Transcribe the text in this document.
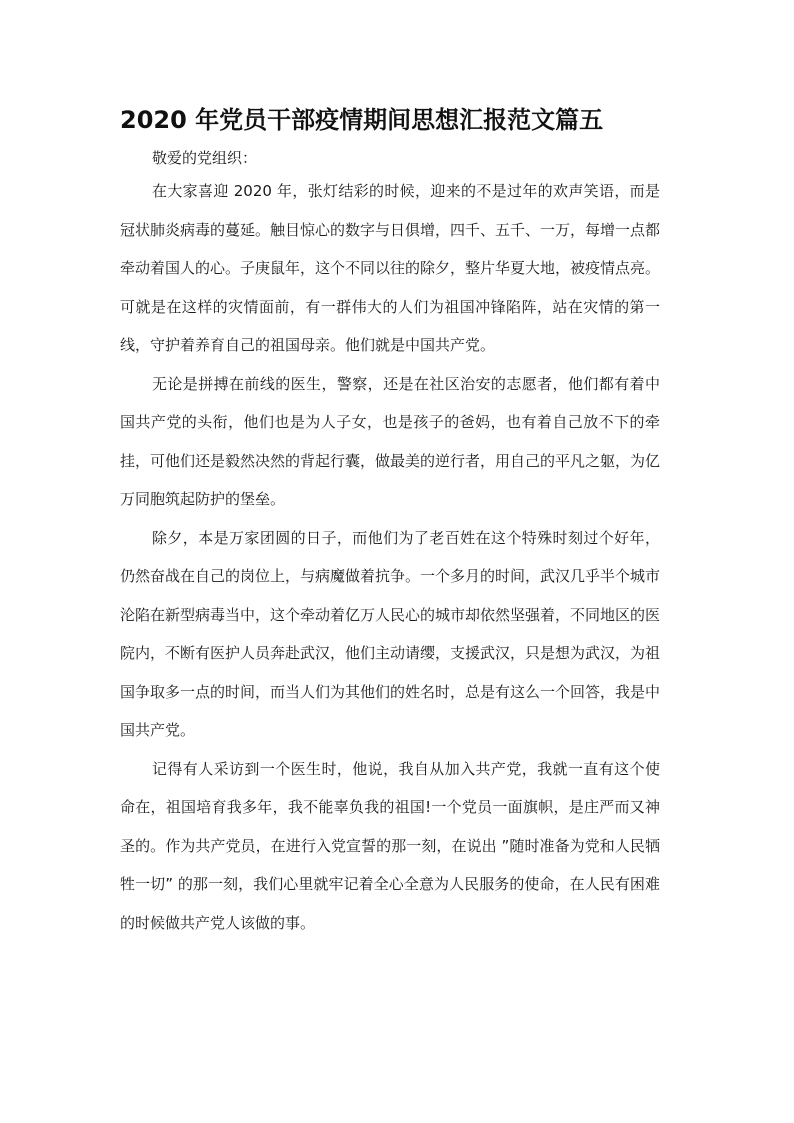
2020 年党员干部疫情期间思想汇报范文篇五

敬爱的党组织：

在大家喜迎 2020 年，张灯结彩的时候，迎来的不是过年的欢声笑语，而是冠状肺炎病毒的蔓延。触目惊心的数字与日俱增，四千、五千、一万，每增一点都牵动着国人的心。子庚鼠年，这个不同以往的除夕，整片华夏大地，被疫情点亮。可就是在这样的灾情面前，有一群伟大的人们为祖国冲锋陷阵，站在灾情的第一线，守护着养育自己的祖国母亲。他们就是中国共产党。

无论是拼搏在前线的医生，警察，还是在社区治安的志愿者，他们都有着中国共产党的头衔，他们也是为人子女，也是孩子的爸妈，也有着自己放不下的牵挂，可他们还是毅然决然的背起行囊，做最美的逆行者，用自己的平凡之躯，为亿万同胞筑起防护的堡垒。

除夕，本是万家团圆的日子，而他们为了老百姓在这个特殊时刻过个好年，仍然奋战在自己的岗位上，与病魔做着抗争。一个多月的时间，武汉几乎半个城市沦陷在新型病毒当中，这个牵动着亿万人民心的城市却依然坚强着，不同地区的医院内，不断有医护人员奔赴武汉，他们主动请缨，支援武汉，只是想为武汉，为祖国争取多一点的时间，而当人们为其他们的姓名时，总是有这么一个回答，我是中国共产党。

记得有人采访到一个医生时，他说，我自从加入共产党，我就一直有这个使命在，祖国培育我多年，我不能辜负我的祖国!一个党员一面旗帜，是庄严而又神圣的。作为共产党员，在进行入党宣誓的那一刻，在说出 ”随时准备为党和人民牺牲一切” 的那一刻，我们心里就牢记着全心全意为人民服务的使命，在人民有困难的时候做共产党人该做的事。
